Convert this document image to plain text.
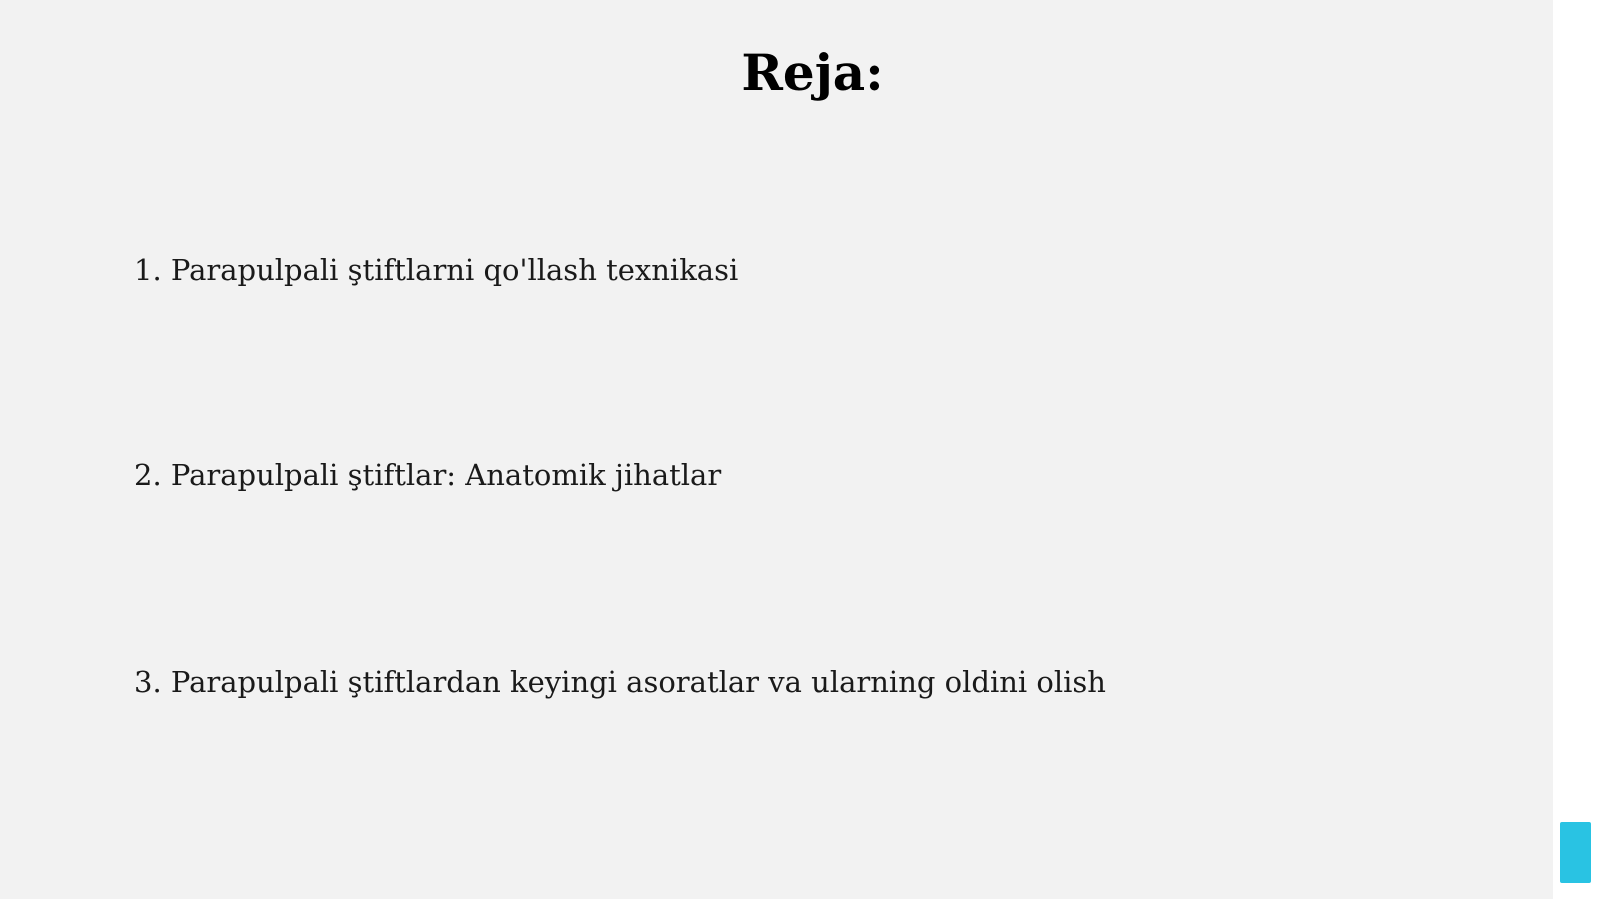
Reja:
1. Parapulpali ştiftlarni qo'llash texnikasi
2. Parapulpali ştiftlar: Anatomik jihatlar
3. Parapulpali ştiftlardan keyingi asoratlar va ularning oldini olish
